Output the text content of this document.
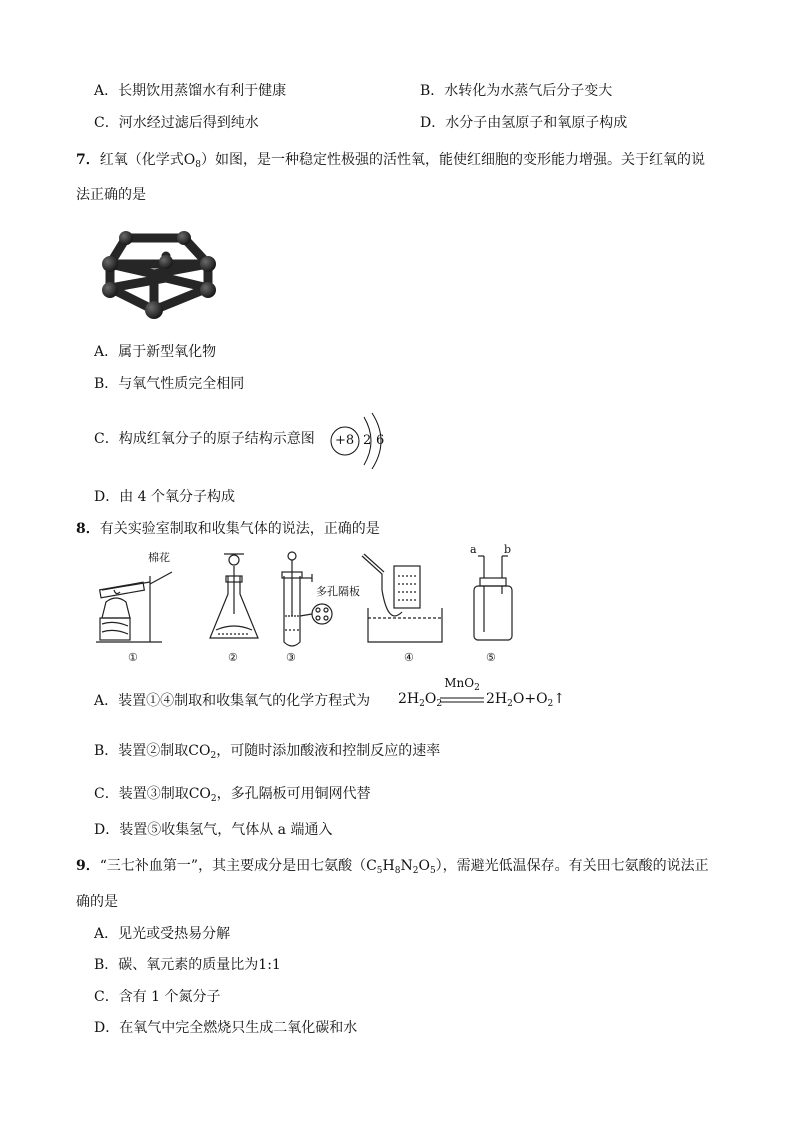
A．长期饮用蒸馏水有利于健康	B．水转化为水蒸气后分子变大
C．河水经过滤后得到纯水	D．水分子由氢原子和氧原子构成
7．红氧（化学式$O_8$）如图，是一种稳定性极强的活性氧，能使红细胞的变形能力增强。关于红氧的说
法正确的是
A．属于新型氧化物
B．与氧气性质完全相同
C．构成红氧分子的原子结构示意图 +8 2 6
D．由 4 个氧分子构成
8．有关实验室制取和收集气体的说法，正确的是
棉花
多孔隔板
a b
①	②	③	④	⑤
A．装置①④制取和收集氧气的化学方程式为 $2H_2O_2$
MnO$_2$
$2H_2O+O_2↑$
B．装置②制取$CO_2$，可随时添加酸液和控制反应的速率
C．装置③制取$CO_2$，多孔隔板可用铜网代替
D．装置⑤收集氢气，气体从 a 端通入
9．“三七补血第一”，其主要成分是田七氨酸$(C_5H_8N_2O_5)$，需避光低温保存。有关田七氨酸的说法正
确的是
A．见光或受热易分解
B．碳、氧元素的质量比为1:1
C．含有 1 个氮分子
D．在氧气中完全燃烧只生成二氧化碳和水
